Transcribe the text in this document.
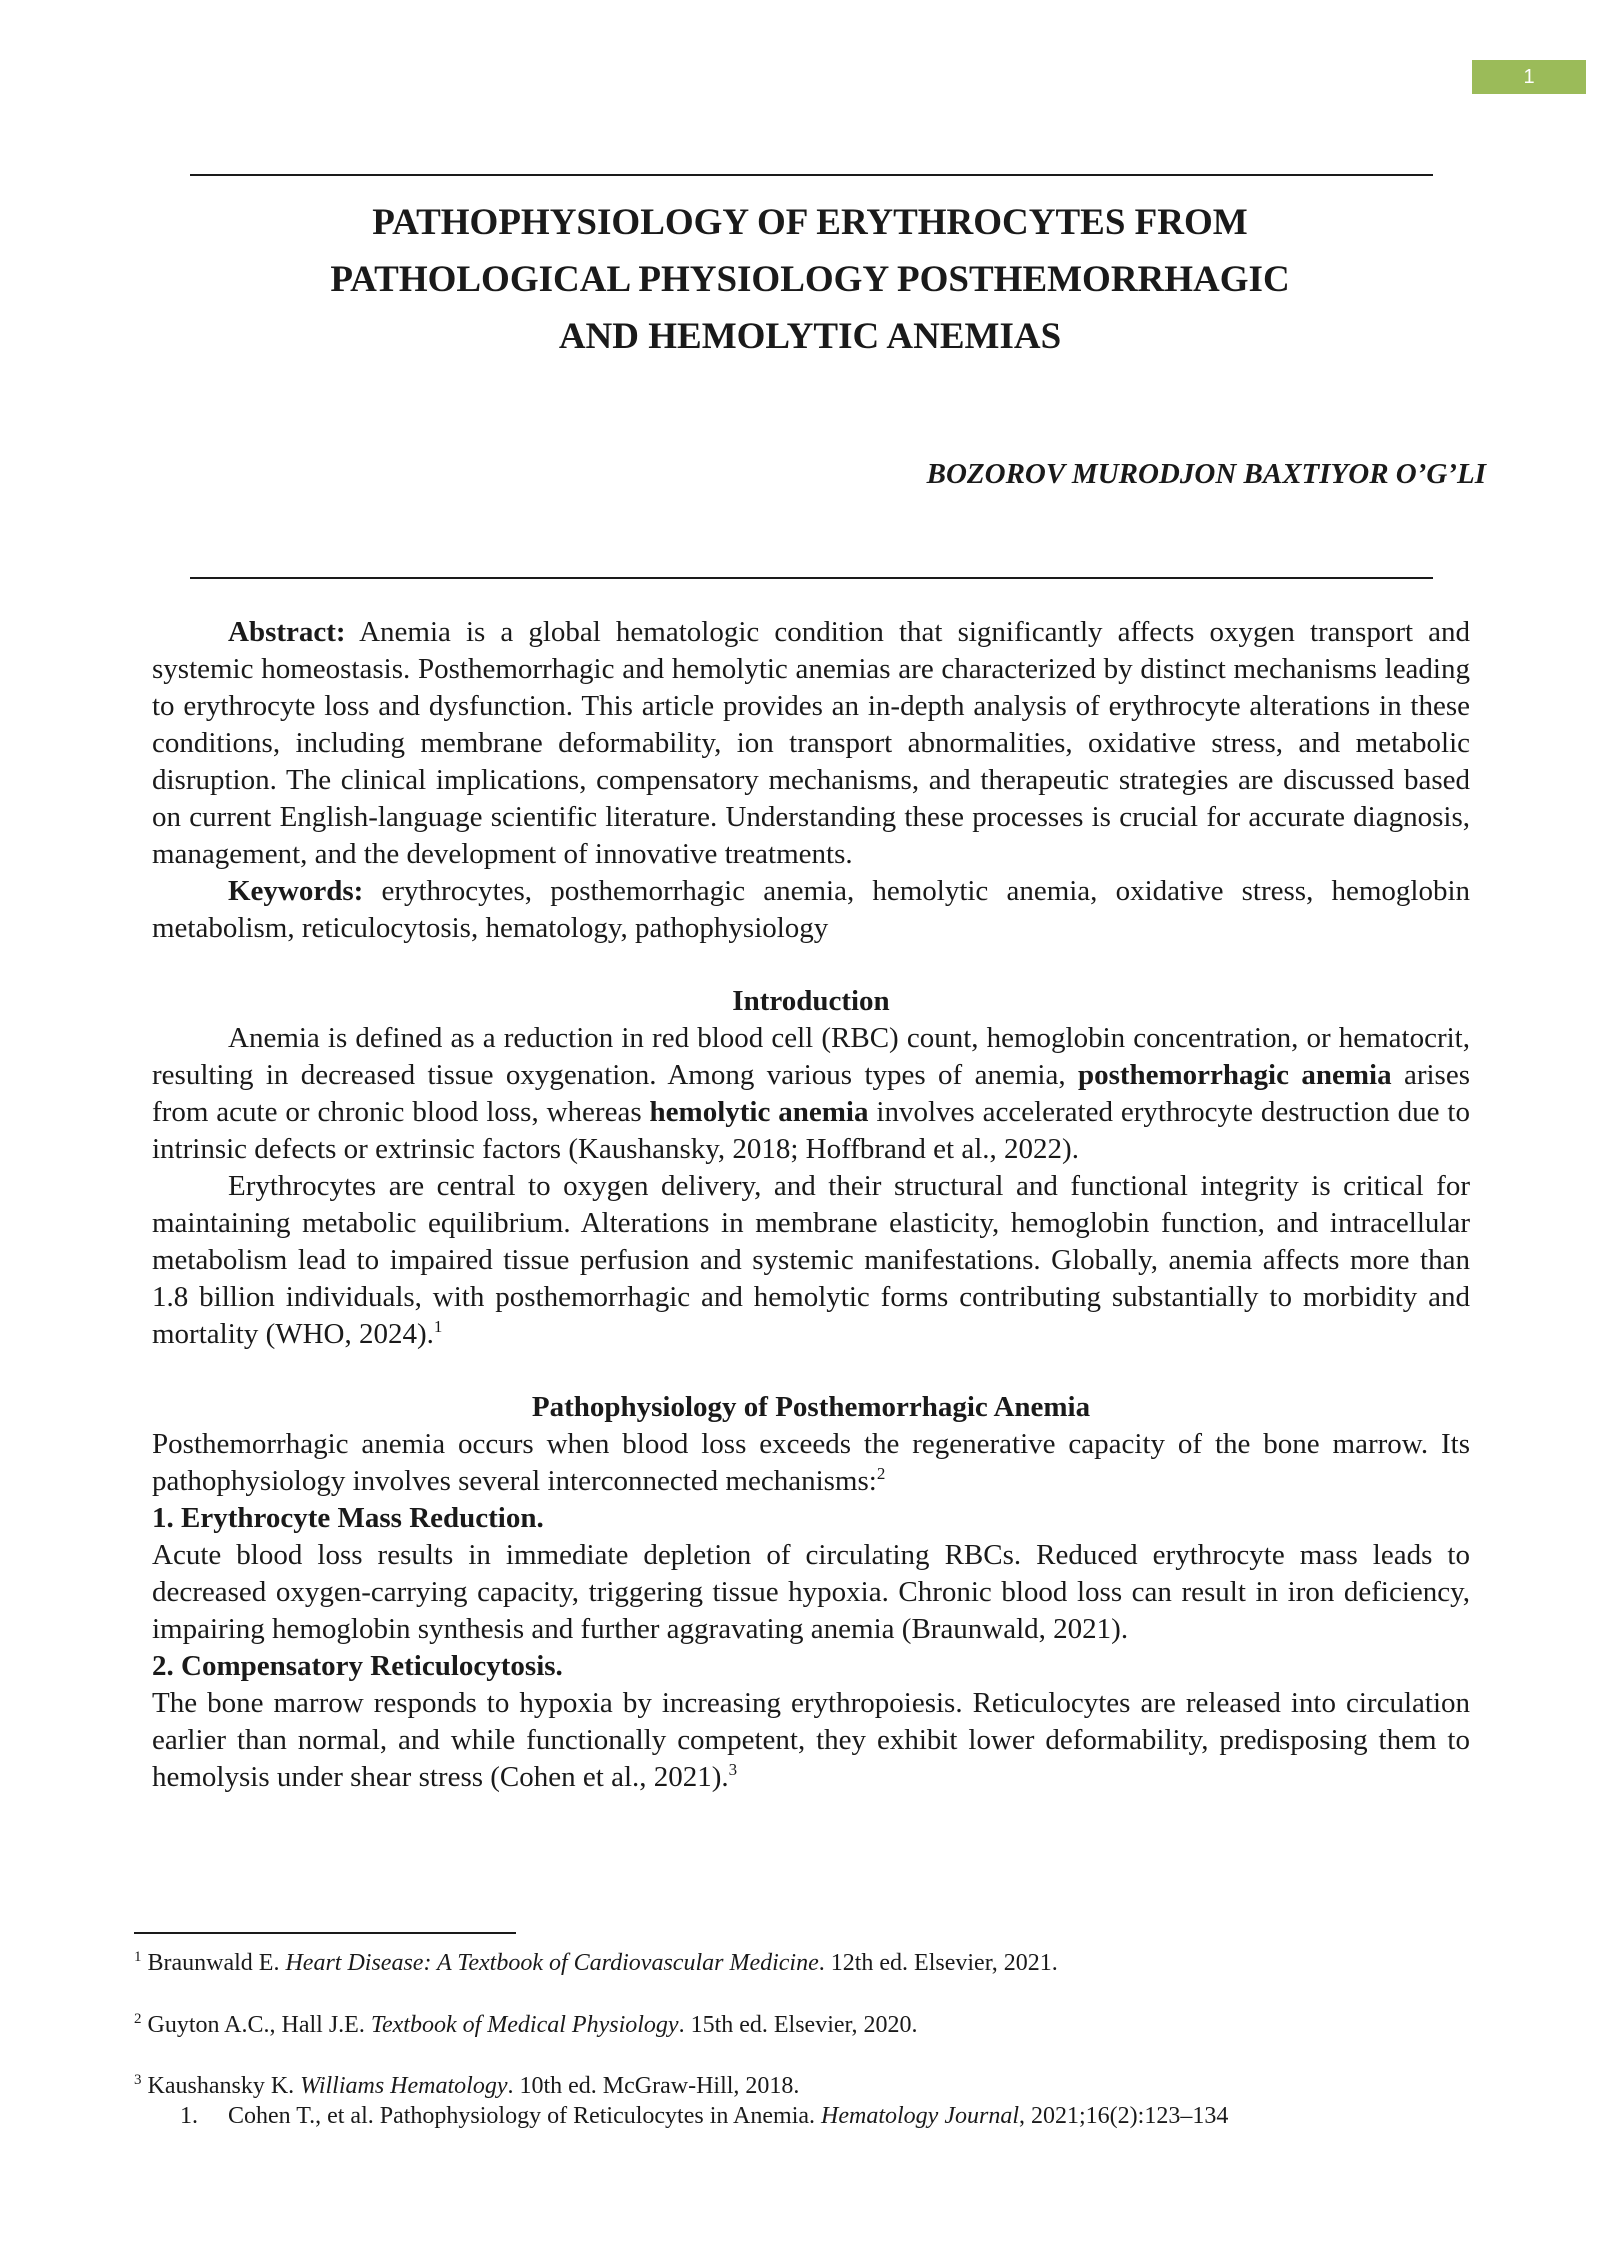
1
PATHOPHYSIOLOGY OF ERYTHROCYTES FROM
PATHOLOGICAL PHYSIOLOGY POSTHEMORRHAGIC
AND HEMOLYTIC ANEMIAS
BOZOROV MURODJON BAXTIYOR O’G’LI

Abstract: Anemia is a global hematologic condition that significantly affects oxygen transport and systemic homeostasis. Posthemorrhagic and hemolytic anemias are characterized by distinct mechanisms leading to erythrocyte loss and dysfunction. This article provides an in-depth analysis of erythrocyte alterations in these conditions, including membrane deformability, ion transport abnormalities, oxidative stress, and metabolic disruption. The clinical implications, compensatory mechanisms, and therapeutic strategies are discussed based on current English-language scientific literature. Understanding these processes is crucial for accurate diagnosis, management, and the development of innovative treatments.

Keywords: erythrocytes, posthemorrhagic anemia, hemolytic anemia, oxidative stress, hemoglobin metabolism, reticulocytosis, hematology, pathophysiology

Introduction

Anemia is defined as a reduction in red blood cell (RBC) count, hemoglobin concentration, or hematocrit, resulting in decreased tissue oxygenation. Among various types of anemia, posthemorrhagic anemia arises from acute or chronic blood loss, whereas hemolytic anemia involves accelerated erythrocyte destruction due to intrinsic defects or extrinsic factors (Kaushansky, 2018; Hoffbrand et al., 2022).

Erythrocytes are central to oxygen delivery, and their structural and functional integrity is critical for maintaining metabolic equilibrium. Alterations in membrane elasticity, hemoglobin function, and intracellular metabolism lead to impaired tissue perfusion and systemic manifestations. Globally, anemia affects more than 1.8 billion individuals, with posthemorrhagic and hemolytic forms contributing substantially to morbidity and mortality (WHO, 2024).$^1$

Pathophysiology of Posthemorrhagic Anemia

Posthemorrhagic anemia occurs when blood loss exceeds the regenerative capacity of the bone marrow. Its pathophysiology involves several interconnected mechanisms:$^2$

1. Erythrocyte Mass Reduction.

Acute blood loss results in immediate depletion of circulating RBCs. Reduced erythrocyte mass leads to decreased oxygen-carrying capacity, triggering tissue hypoxia. Chronic blood loss can result in iron deficiency, impairing hemoglobin synthesis and further aggravating anemia (Braunwald, 2021).

2. Compensatory Reticulocytosis.

The bone marrow responds to hypoxia by increasing erythropoiesis. Reticulocytes are released into circulation earlier than normal, and while functionally competent, they exhibit lower deformability, predisposing them to hemolysis under shear stress (Cohen et al., 2021).$^3$

$^1$ Braunwald E. Heart Disease: A Textbook of Cardiovascular Medicine. 12th ed. Elsevier, 2021.
$^2$ Guyton A.C., Hall J.E. Textbook of Medical Physiology. 15th ed. Elsevier, 2020.
$^3$ Kaushansky K. Williams Hematology. 10th ed. McGraw-Hill, 2018.
1. Cohen T., et al. Pathophysiology of Reticulocytes in Anemia. Hematology Journal, 2021;16(2):123–134
